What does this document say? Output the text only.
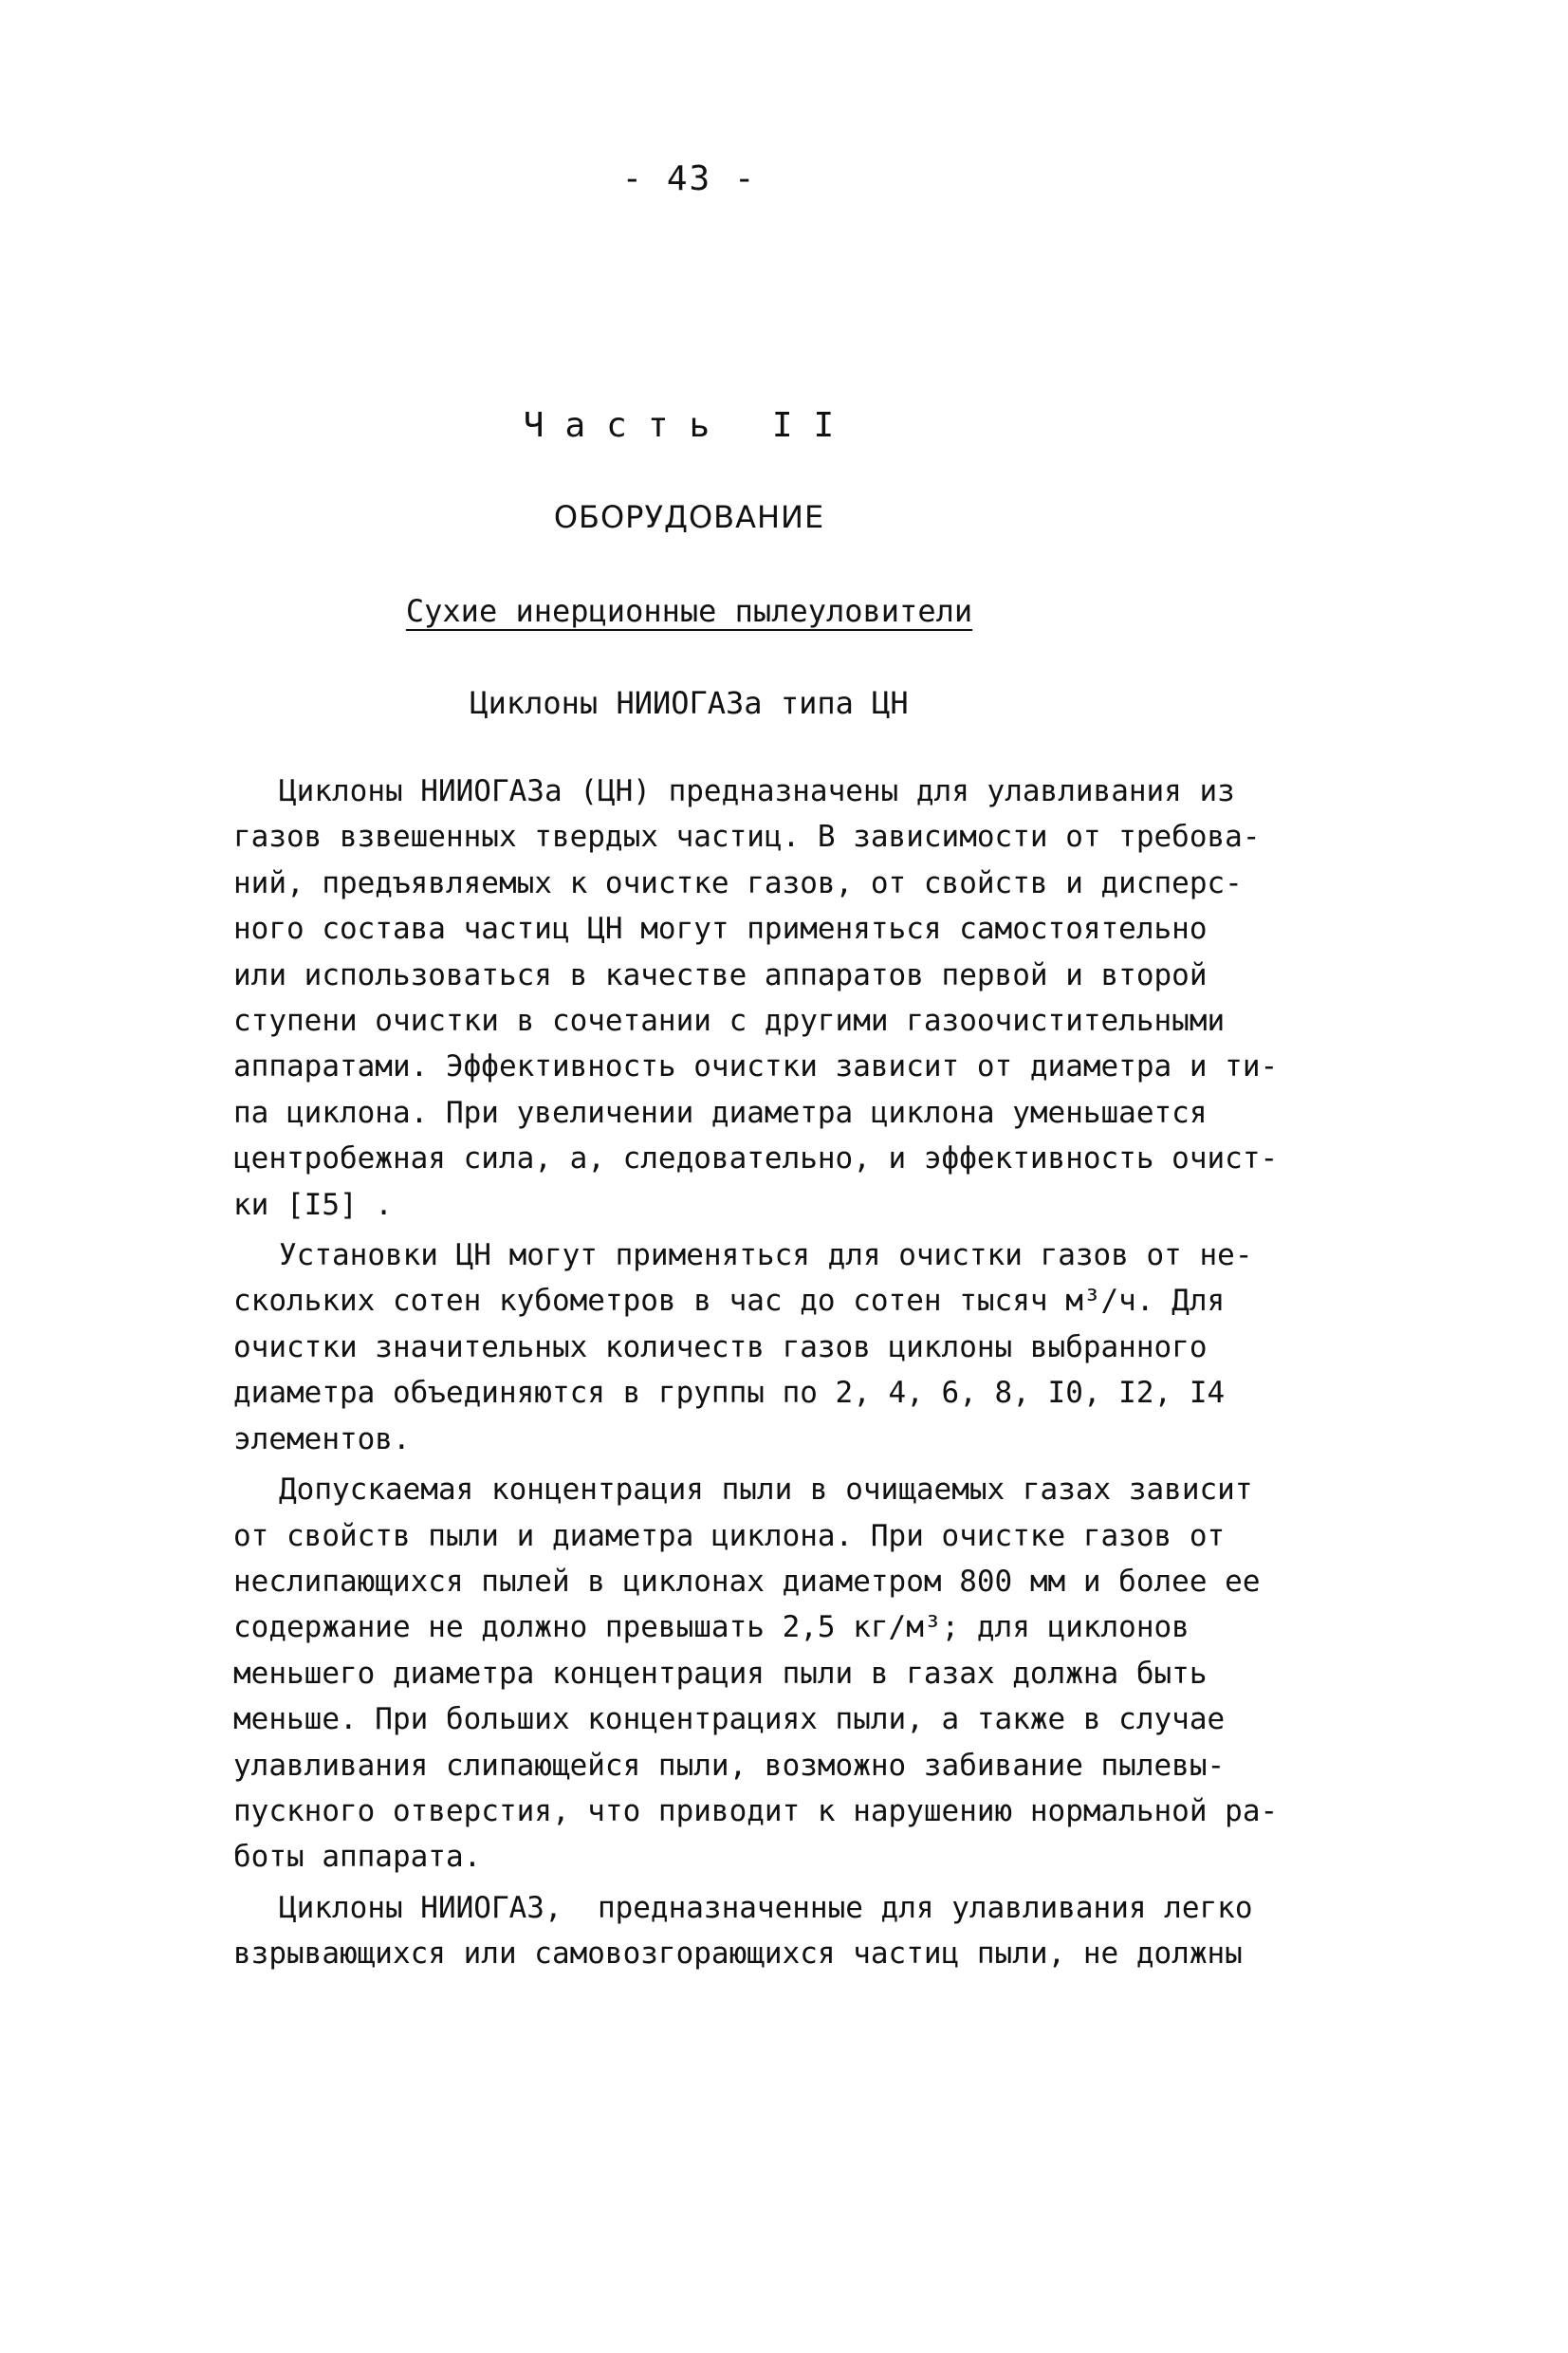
- 43 -
Часть II
ОБОРУДОВАНИЕ
Сухие инерционные пылеуловители
Циклоны НИИОГАЗа типа ЦН

Циклоны НИИОГАЗа (ЦН) предназначены для улавливания из
газов взвешенных твердых частиц. В зависимости от требова-
ний, предъявляемых к очистке газов, от свойств и дисперс-
ного состава частиц ЦН могут применяться самостоятельно
или использоваться в качестве аппаратов первой и второй
ступени очистки в сочетании с другими газоочистительными
аппаратами. Эффективность очистки зависит от диаметра и ти-
па циклона. При увеличении диаметра циклона уменьшается
центробежная сила, а, следовательно, и эффективность очист-
ки [I5] .

Установки ЦН могут применяться для очистки газов от не-
скольких сотен кубометров в час до сотен тысяч м³/ч. Для
очистки значительных количеств газов циклоны выбранного
диаметра объединяются в группы по 2, 4, 6, 8, I0, I2, I4
элементов.

Допускаемая концентрация пыли в очищаемых газах зависит
от свойств пыли и диаметра циклона. При очистке газов от
неслипающихся пылей в циклонах диаметром 800 мм и более ее
содержание не должно превышать 2,5 кг/м³; для циклонов
меньшего диаметра концентрация пыли в газах должна быть
меньше. При больших концентрациях пыли, а также в случае
улавливания слипающейся пыли, возможно забивание пылевы-
пускного отверстия, что приводит к нарушению нормальной ра-
боты аппарата.

Циклоны НИИОГАЗ,  предназначенные для улавливания легко
взрывающихся или самовозгорающихся частиц пыли, не должны
